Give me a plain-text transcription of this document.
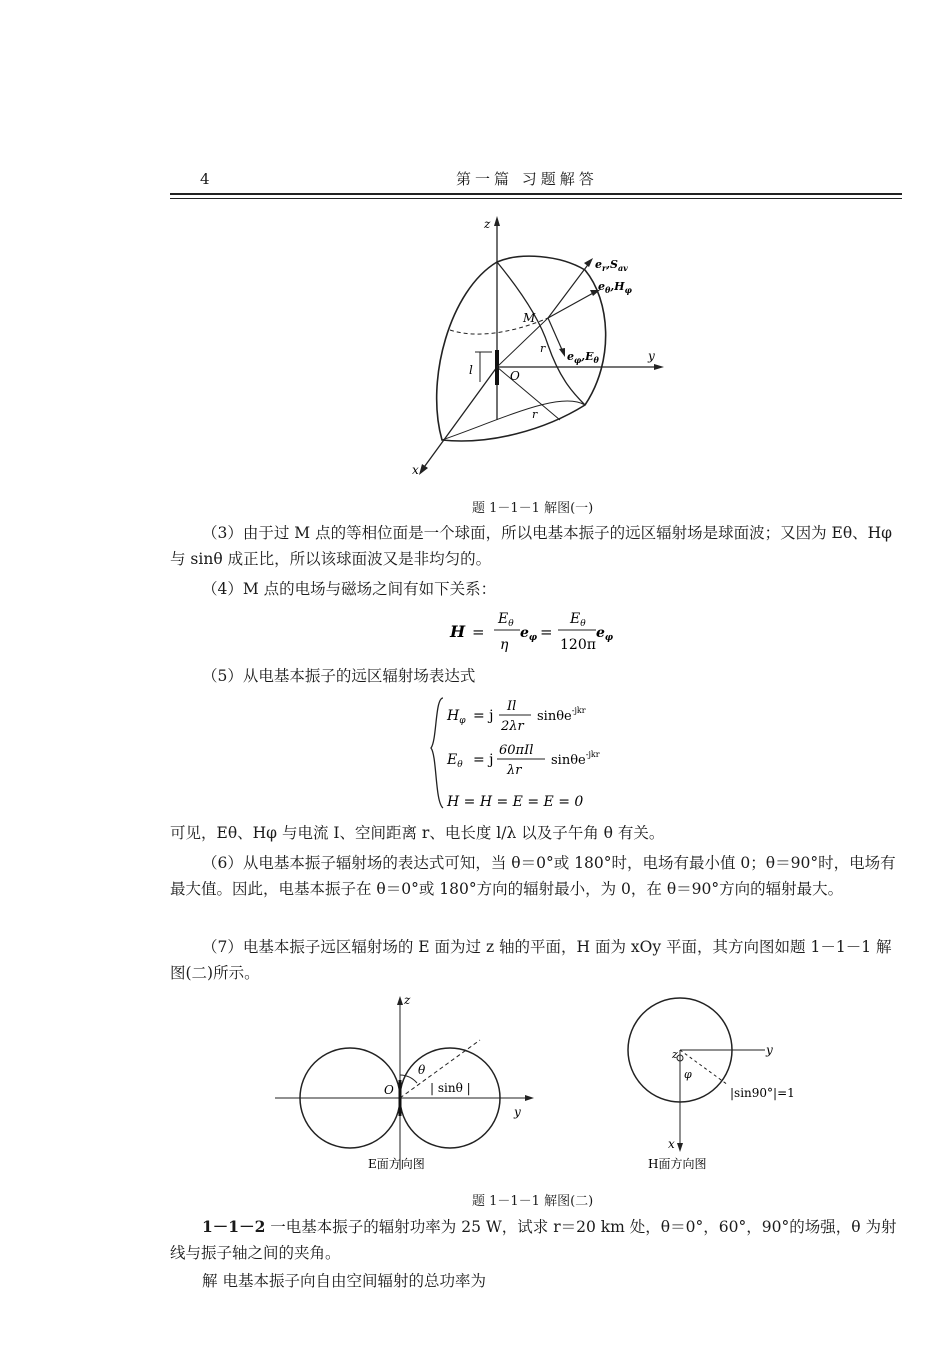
4	第一篇 习题解答
z
y
x
M
O
l
r
r
$e_r,S_{av}$
$e_\theta,H_\varphi$
$e_\varphi,E_\theta$
题 1－1－1 解图(一)
（3）由于过 M 点的等相位面是一个球面，所以电基本振子的远区辐射场是球面波；又因为 Eθ、Hφ 与 sinθ 成正比，所以该球面波又是非均匀的。
（4）M 点的电场与磁场之间有如下关系：
H =
$E_\theta$
η
$e_\varphi$ =
$E_\theta$
120π
$e_\varphi$
（5）从电基本振子的远区辐射场表达式
$H_\varphi = j$
Il
2λr
sinθe$^{-jkr}$
$E_\theta = j$
60πIl
λr
sinθe$^{-jkr}$
H = H = E = E = 0
可见，Eθ、Hφ 与电流 I、空间距离 r、电长度 l/λ 以及子午角 θ 有关。
（6）从电基本振子辐射场的表达式可知，当 θ＝0°或 180°时，电场有最小值 0；θ＝90°时，电场有最大值。因此，电基本振子在 θ＝0°或 180°方向的辐射最小，为 0，在 θ＝90°方向的辐射最大。
（7）电基本振子远区辐射场的 E 面为过 z 轴的平面，H 面为 xOy 平面，其方向图如题 1－1－1 解图(二)所示。
z
y
O
θ
| sinθ |
E面方向图
z	y
x
φ
|sin90°|=1
H面方向图
题 1－1－1 解图(二)
1－1－2 一电基本振子的辐射功率为 25 W，试求 r＝20 km 处，θ＝0°，60°，90°的场强，θ 为射线与振子轴之间的夹角。
解 电基本振子向自由空间辐射的总功率为
